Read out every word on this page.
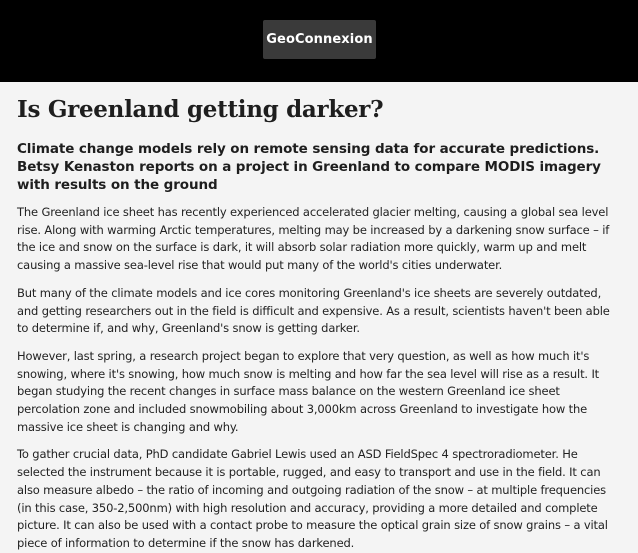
GeoConnexion
Is Greenland getting darker?
Climate change models rely on remote sensing data for accurate predictions. Betsy Kenaston reports on a project in Greenland to compare MODIS imagery with results on the ground

The Greenland ice sheet has recently experienced accelerated glacier melting, causing a global sea level rise. Along with warming Arctic temperatures, melting may be increased by a darkening snow surface – if the ice and snow on the surface is dark, it will absorb solar radiation more quickly, warm up and melt causing a massive sea-level rise that would put many of the world's cities underwater.

But many of the climate models and ice cores monitoring Greenland's ice sheets are severely outdated, and getting researchers out in the field is difficult and expensive. As a result, scientists haven't been able to determine if, and why, Greenland's snow is getting darker.

However, last spring, a research project began to explore that very question, as well as how much it's snowing, where it's snowing, how much snow is melting and how far the sea level will rise as a result. It began studying the recent changes in surface mass balance on the western Greenland ice sheet percolation zone and included snowmobiling about 3,000km across Greenland to investigate how the massive ice sheet is changing and why.

To gather crucial data, PhD candidate Gabriel Lewis used an ASD FieldSpec 4 spectroradiometer. He selected the instrument because it is portable, rugged, and easy to transport and use in the field. It can also measure albedo – the ratio of incoming and outgoing radiation of the snow – at multiple frequencies (in this case, 350-2,500nm) with high resolution and accuracy, providing a more detailed and complete picture. It can also be used with a contact probe to measure the optical grain size of snow grains – a vital piece of information to determine if the snow has darkened.
